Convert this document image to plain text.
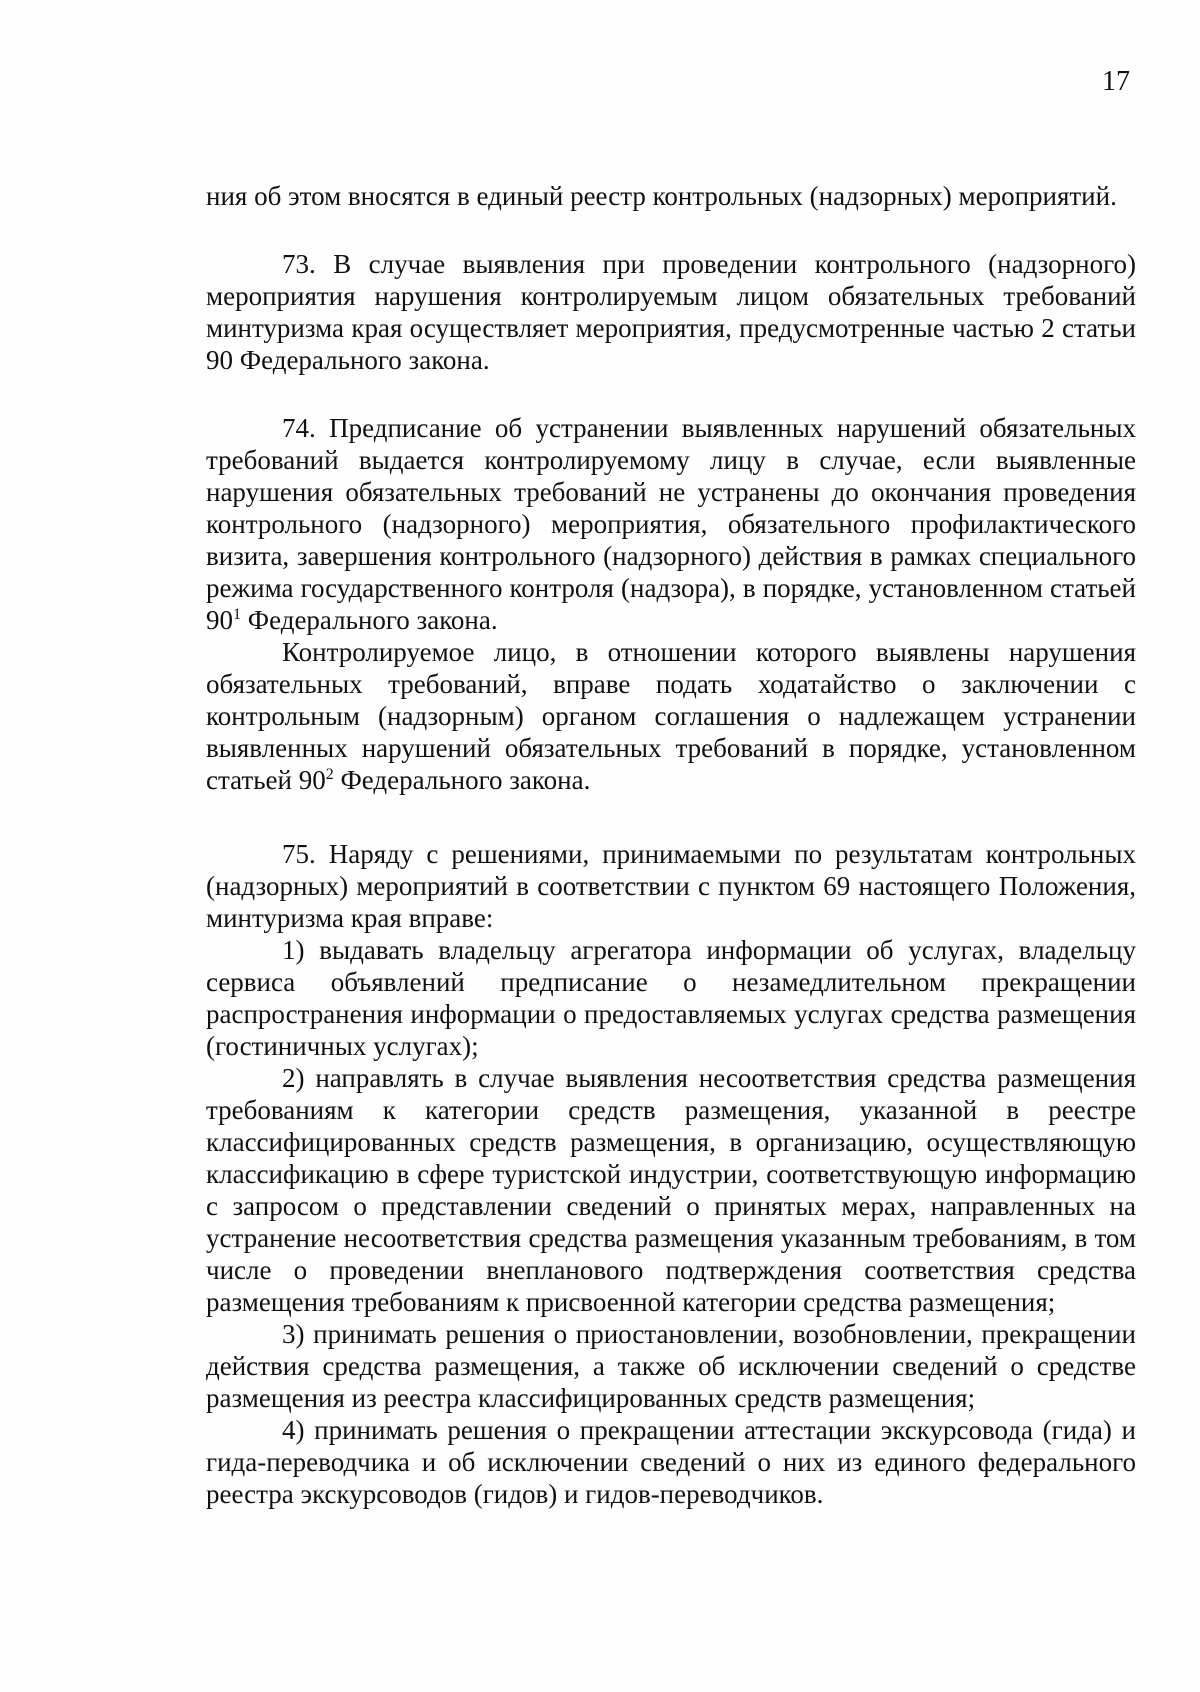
17

ния об этом вносятся в единый реестр контрольных (надзорных) мероприятий.

73. В случае выявления при проведении контрольного (надзорного) мероприятия нарушения контролируемым лицом обязательных требований минтуризма края осуществляет мероприятия, предусмотренные частью 2 статьи 90 Федерального закона.

74. Предписание об устранении выявленных нарушений обязательных требований выдается контролируемому лицу в случае, если выявленные нарушения обязательных требований не устранены до окончания проведения контрольного (надзорного) мероприятия, обязательного профилактического визита, завершения контрольного (надзорного) действия в рамках специального режима государственного контроля (надзора), в порядке, установленном статьей $90^1$ Федерального закона.

Контролируемое лицо, в отношении которого выявлены нарушения обязательных требований, вправе подать ходатайство о заключении с контрольным (надзорным) органом соглашения о надлежащем устранении выявленных нарушений обязательных требований в порядке, установленном статьей $90^2$ Федерального закона.

75. Наряду с решениями, принимаемыми по результатам контрольных (надзорных) мероприятий в соответствии с пунктом 69 настоящего Положения, минтуризма края вправе:

1) выдавать владельцу агрегатора информации об услугах, владельцу сервиса объявлений предписание о незамедлительном прекращении распространения информации о предоставляемых услугах средства размещения (гостиничных услугах);

2) направлять в случае выявления несоответствия средства размещения требованиям к категории средств размещения, указанной в реестре классифицированных средств размещения, в организацию, осуществляющую классификацию в сфере туристской индустрии, соответствующую информацию с запросом о представлении сведений о принятых мерах, направленных на устранение несоответствия средства размещения указанным требованиям, в том числе о проведении внепланового подтверждения соответствия средства размещения требованиям к присвоенной категории средства размещения;

3) принимать решения о приостановлении, возобновлении, прекращении действия средства размещения, а также об исключении сведений о средстве размещения из реестра классифицированных средств размещения;

4) принимать решения о прекращении аттестации экскурсовода (гида) и гида-переводчика и об исключении сведений о них из единого федерального реестра экскурсоводов (гидов) и гидов-переводчиков.
